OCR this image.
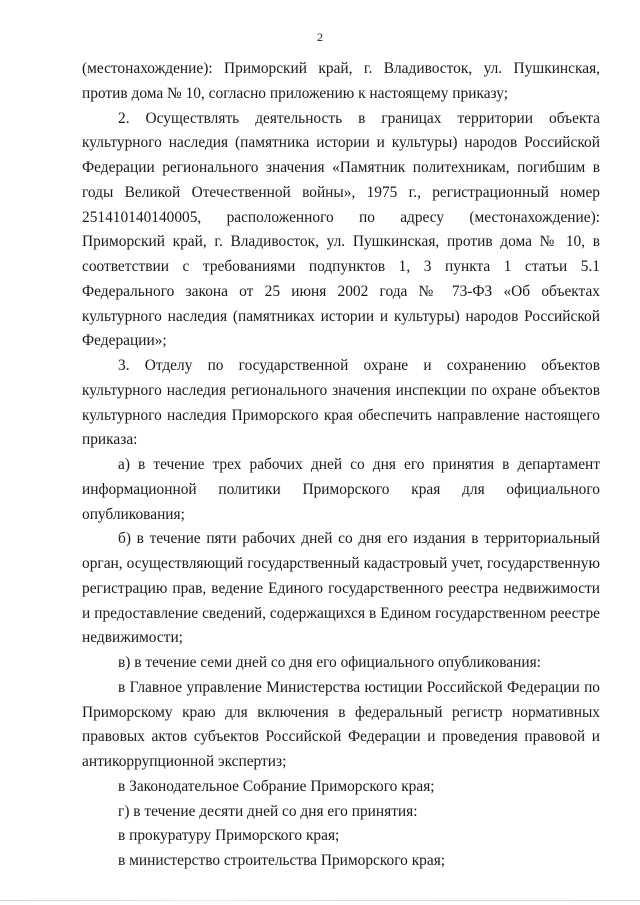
2

(местонахождение): Приморский край, г. Владивосток, ул. Пушкинская, против дома № 10, согласно приложению к настоящему приказу;

2. Осуществлять деятельность в границах территории объекта культурного наследия (памятника истории и культуры) народов Российской Федерации регионального значения «Памятник политехникам, погибшим в годы Великой Отечественной войны», 1975 г., регистрационный номер 251410140140005, расположенного по адресу (местонахождение): Приморский край, г. Владивосток, ул. Пушкинская, против дома № 10, в соответствии с требованиями подпунктов 1, 3 пункта 1 статьи 5.1 Федерального закона от 25 июня 2002 года № 73-ФЗ «Об объектах культурного наследия (памятниках истории и культуры) народов Российской Федерации»;

3. Отделу по государственной охране и сохранению объектов культурного наследия регионального значения инспекции по охране объектов культурного наследия Приморского края обеспечить направление настоящего приказа:

а) в течение трех рабочих дней со дня его принятия в департамент информационной политики Приморского края для официального опубликования;

б) в течение пяти рабочих дней со дня его издания в территориальный орган, осуществляющий государственный кадастровый учет, государственную регистрацию прав, ведение Единого государственного реестра недвижимости и предоставление сведений, содержащихся в Едином государственном реестре недвижимости;

в) в течение семи дней со дня его официального опубликования:

в Главное управление Министерства юстиции Российской Федерации по Приморскому краю для включения в федеральный регистр нормативных правовых актов субъектов Российской Федерации и проведения правовой и антикоррупционной экспертиз;

в Законодательное Собрание Приморского края;

г) в течение десяти дней со дня его принятия:

в прокуратуру Приморского края;

в министерство строительства Приморского края;
